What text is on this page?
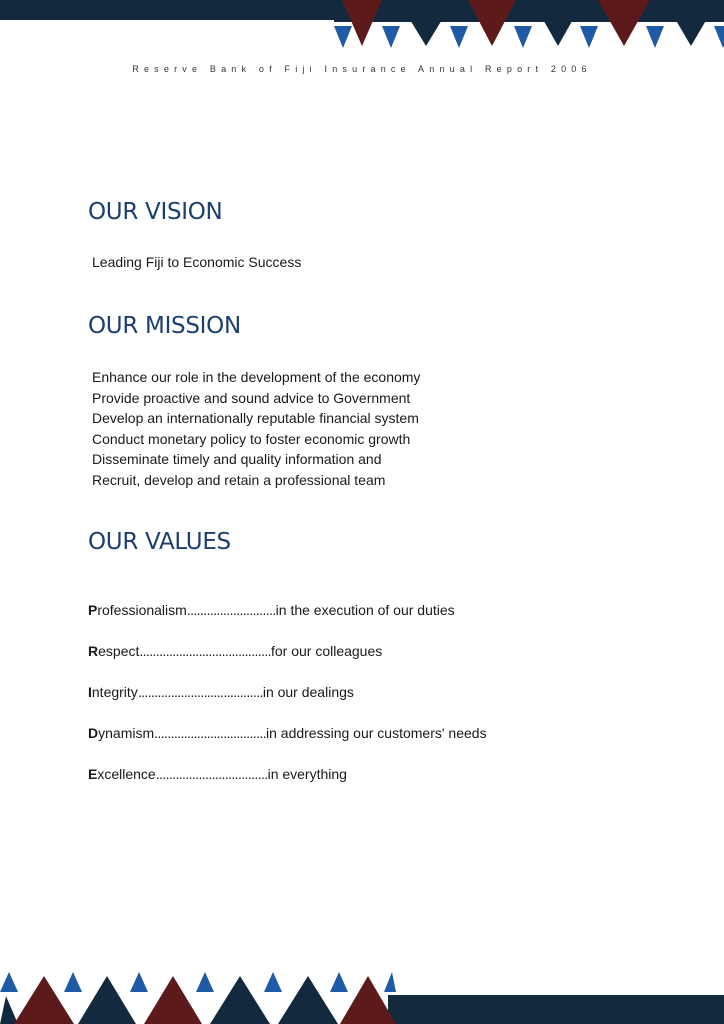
Reserve Bank of Fiji Insurance Annual Report 2006
OUR VISION

Leading Fiji to Economic Success

OUR MISSION
Enhance our role in the development of the economy
Provide proactive and sound advice to Government
Develop an internationally reputable financial system
Conduct monetary policy to foster economic growth
Disseminate timely and quality information and
Recruit, develop and retain a professional team
OUR VALUES
Professionalism...........................in the execution of our duties
Respect........................................for our colleagues
Integrity......................................in our dealings
Dynamism..................................in addressing our customers' needs
Excellence..................................in everything
